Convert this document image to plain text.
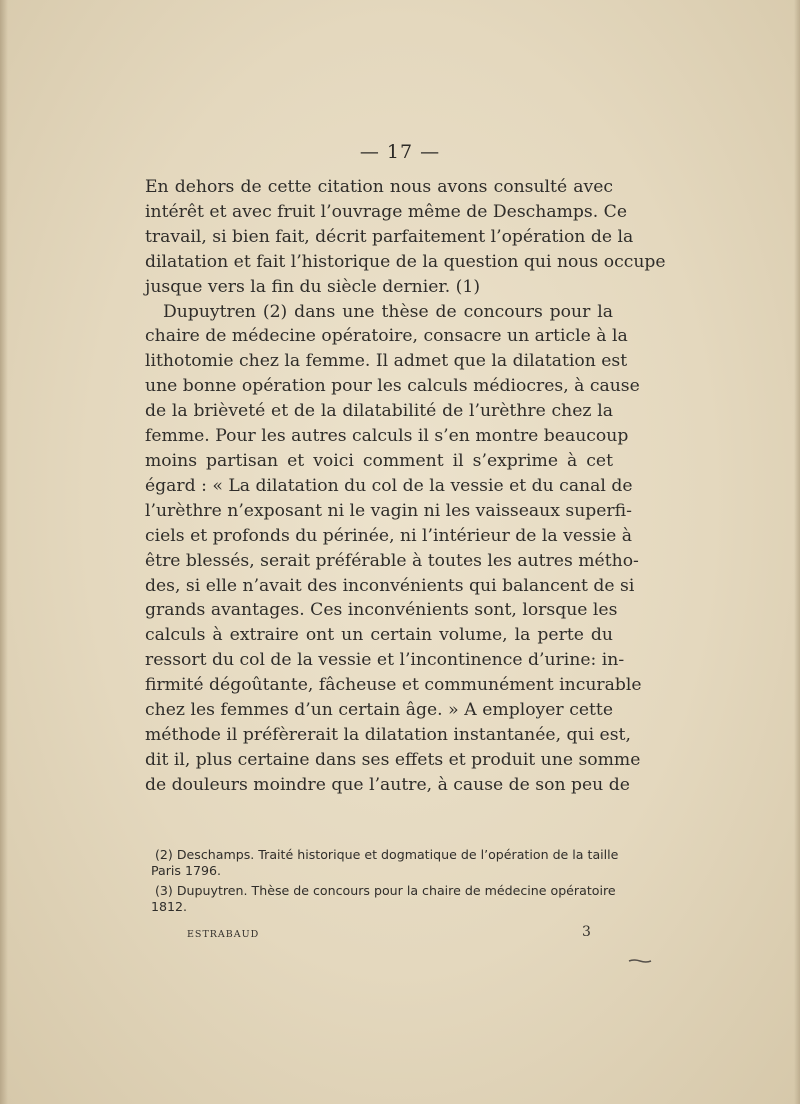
— 17 —
En dehors de cette citation nous avons consulté avec
intérêt et avec fruit l’ouvrage même de Deschamps. Ce
travail, si bien fait, décrit parfaitement l’opération de la
dilatation et fait l’historique de la question qui nous occupe
jusque vers la fin du siècle dernier. (1)
Dupuytren (2) dans une thèse de concours pour la
chaire de médecine opératoire, consacre un article à la
lithotomie chez la femme. Il admet que la dilatation est
une bonne opération pour les calculs médiocres, à cause
de la brièveté et de la dilatabilité de l’urèthre chez la
femme. Pour les autres calculs il s’en montre beaucoup
moins partisan et voici comment il s’exprime à cet
égard : « La dilatation du col de la vessie et du canal de
l’urèthre n’exposant ni le vagin ni les vaisseaux superfi-
ciels et profonds du périnée, ni l’intérieur de la vessie à
être blessés, serait préférable à toutes les autres métho-
des, si elle n’avait des inconvénients qui balancent de si
grands avantages. Ces inconvénients sont, lorsque les
calculs à extraire ont un certain volume, la perte du
ressort du col de la vessie et l’incontinence d’urine: in-
firmité dégoûtante, fâcheuse et communément incurable
chez les femmes d’un certain âge. » A employer cette
méthode il préfèrerait la dilatation instantanée, qui est,
dit il, plus certaine dans ses effets et produit une somme
de douleurs moindre que l’autre, à cause de son peu de
(2) Deschamps. Traité historique et dogmatique de l’opération de la taille
Paris 1796.
(3) Dupuytren. Thèse de concours pour la chaire de médecine opératoire
1812.
ESTRABAUD	3
